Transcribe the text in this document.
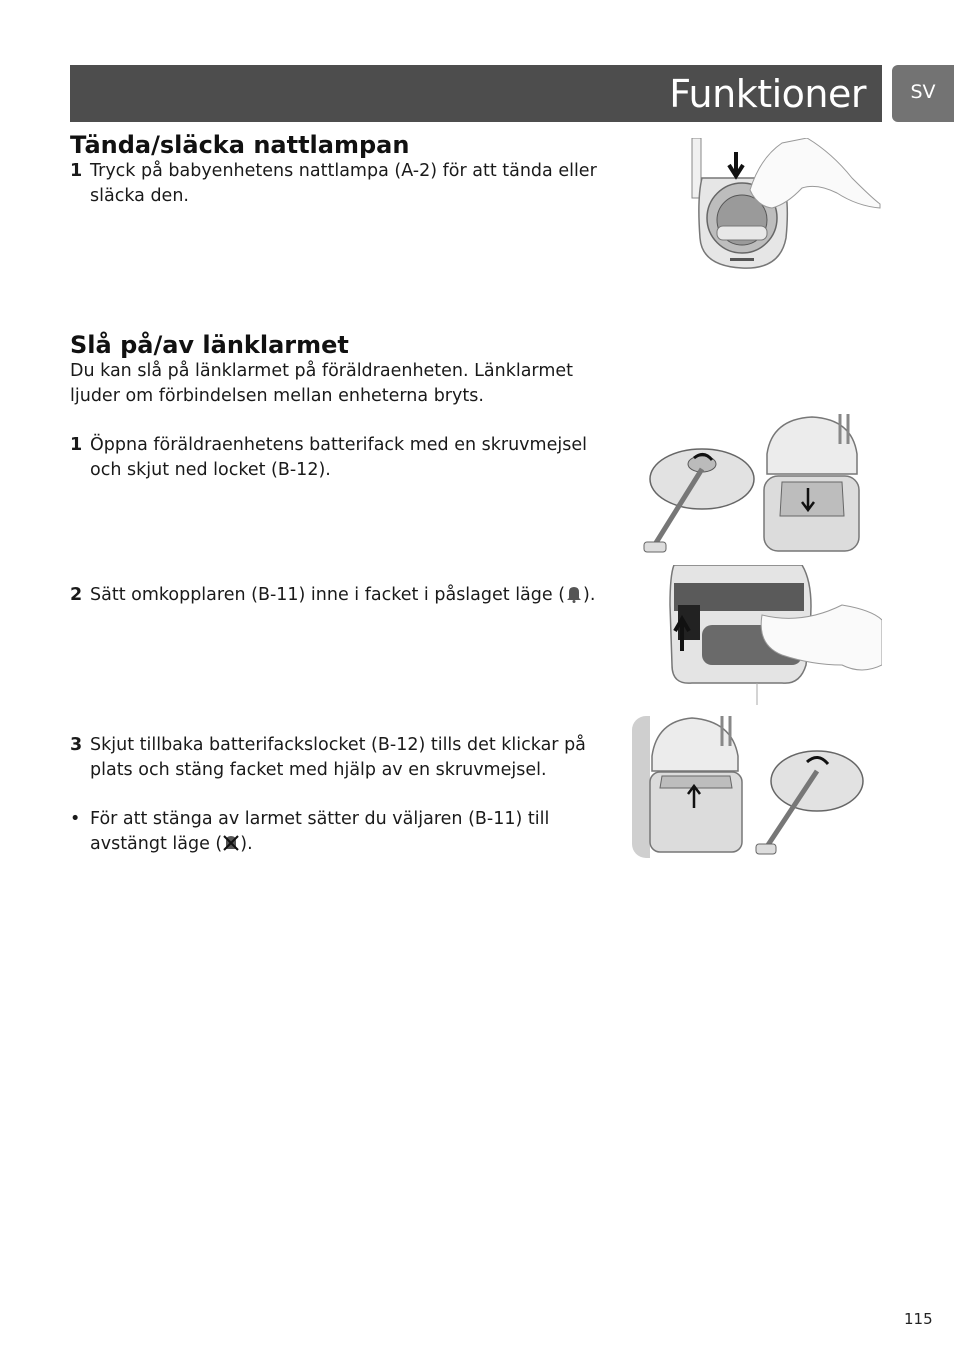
Funktioner	SV
Tända/släcka nattlampan
1 Tryck på babyenhetens nattlampa (A-2) för att tända eller släcka den.
Slå på/av länklarmet

Du kan slå på länklarmet på föräldraenheten. Länklarmet ljuder om förbindelsen mellan enheterna bryts.

1 Öppna föräldraenhetens batterifack med en skruvmejsel och skjut ned locket (B-12).
2 Sätt omkopplaren (B-11) inne i facket i påslaget läge ( ).
3 Skjut tillbaka batterifackslocket (B-12) tills det klickar på plats och stäng facket med hjälp av en skruvmejsel.
• För att stänga av larmet sätter du väljaren (B-11) till avstängt läge ( ).
115
